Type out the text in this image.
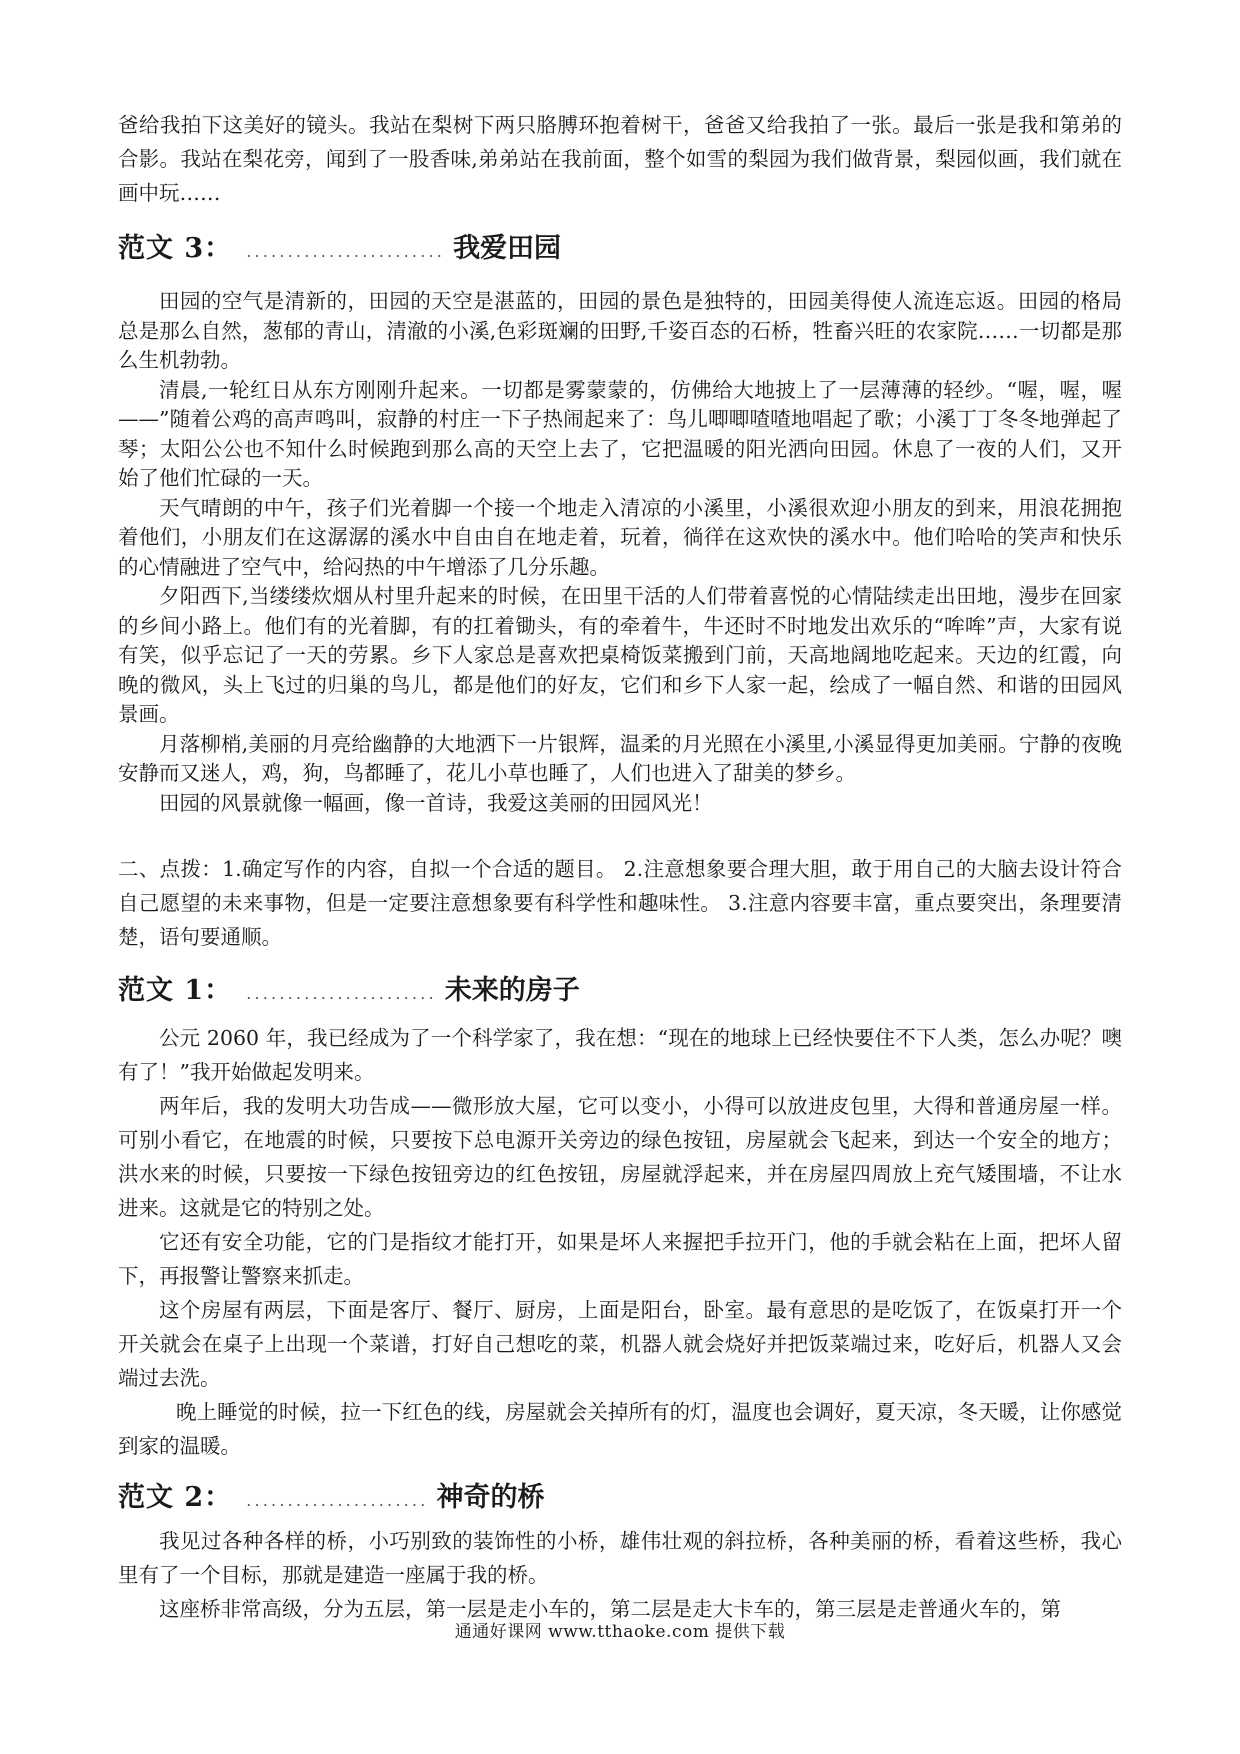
爸给我拍下这美好的镜头。我站在梨树下两只胳膊环抱着树干，爸爸又给我拍了一张。最后一张是我和第弟的合影。我站在梨花旁，闻到了一股香味,弟弟站在我前面，整个如雪的梨园为我们做背景，梨园似画，我们就在画中玩……

范文 3： ........................ 我爱田园

田园的空气是清新的，田园的天空是湛蓝的，田园的景色是独特的，田园美得使人流连忘返。田园的格局总是那么自然，葱郁的青山，清澈的小溪,色彩斑斓的田野,千姿百态的石桥，牲畜兴旺的农家院……一切都是那么生机勃勃。

清晨,一轮红日从东方刚刚升起来。一切都是雾蒙蒙的，仿佛给大地披上了一层薄薄的轻纱。“喔，喔，喔——”随着公鸡的高声鸣叫，寂静的村庄一下子热闹起来了：鸟儿唧唧喳喳地唱起了歌；小溪丁丁冬冬地弹起了琴；太阳公公也不知什么时候跑到那么高的天空上去了，它把温暖的阳光洒向田园。休息了一夜的人们，又开始了他们忙碌的一天。

天气晴朗的中午，孩子们光着脚一个接一个地走入清凉的小溪里，小溪很欢迎小朋友的到来，用浪花拥抱着他们，小朋友们在这潺潺的溪水中自由自在地走着，玩着，徜徉在这欢快的溪水中。他们哈哈的笑声和快乐的心情融进了空气中，给闷热的中午增添了几分乐趣。

夕阳西下,当缕缕炊烟从村里升起来的时候，在田里干活的人们带着喜悦的心情陆续走出田地，漫步在回家的乡间小路上。他们有的光着脚，有的扛着锄头，有的牵着牛，牛还时不时地发出欢乐的“哞哞”声，大家有说有笑，似乎忘记了一天的劳累。乡下人家总是喜欢把桌椅饭菜搬到门前，天高地阔地吃起来。天边的红霞，向晚的微风，头上飞过的归巢的鸟儿，都是他们的好友，它们和乡下人家一起，绘成了一幅自然、和谐的田园风景画。

月落柳梢,美丽的月亮给幽静的大地洒下一片银辉，温柔的月光照在小溪里,小溪显得更加美丽。宁静的夜晚安静而又迷人，鸡，狗，鸟都睡了，花儿小草也睡了，人们也进入了甜美的梦乡。

田园的风景就像一幅画，像一首诗，我爱这美丽的田园风光！

二、点拨：1.确定写作的内容，自拟一个合适的题目。 2.注意想象要合理大胆，敢于用自己的大脑去设计符合自己愿望的未来事物，但是一定要注意想象要有科学性和趣味性。 3.注意内容要丰富，重点要突出，条理要清楚，语句要通顺。

范文 1： ....................... 未来的房子

公元 2060 年，我已经成为了一个科学家了，我在想：“现在的地球上已经快要住不下人类，怎么办呢？噢有了！”我开始做起发明来。

两年后，我的发明大功告成——微形放大屋，它可以变小，小得可以放进皮包里，大得和普通房屋一样。可别小看它，在地震的时候，只要按下总电源开关旁边的绿色按钮，房屋就会飞起来，到达一个安全的地方；洪水来的时候，只要按一下绿色按钮旁边的红色按钮，房屋就浮起来，并在房屋四周放上充气矮围墙，不让水进来。这就是它的特别之处。

它还有安全功能，它的门是指纹才能打开，如果是坏人来握把手拉开门，他的手就会粘在上面，把坏人留下，再报警让警察来抓走。

这个房屋有两层，下面是客厅、餐厅、厨房，上面是阳台，卧室。最有意思的是吃饭了，在饭桌打开一个开关就会在桌子上出现一个菜谱，打好自己想吃的菜，机器人就会烧好并把饭菜端过来，吃好后，机器人又会端过去洗。

晚上睡觉的时候，拉一下红色的线，房屋就会关掉所有的灯，温度也会调好，夏天凉，冬天暖，让你感觉到家的温暖。

范文 2： ...................... 神奇的桥

我见过各种各样的桥，小巧别致的装饰性的小桥，雄伟壮观的斜拉桥，各种美丽的桥，看着这些桥，我心里有了一个目标，那就是建造一座属于我的桥。

这座桥非常高级，分为五层，第一层是走小车的，第二层是走大卡车的，第三层是走普通火车的，第

通通好课网 www.tthaoke.com 提供下载
